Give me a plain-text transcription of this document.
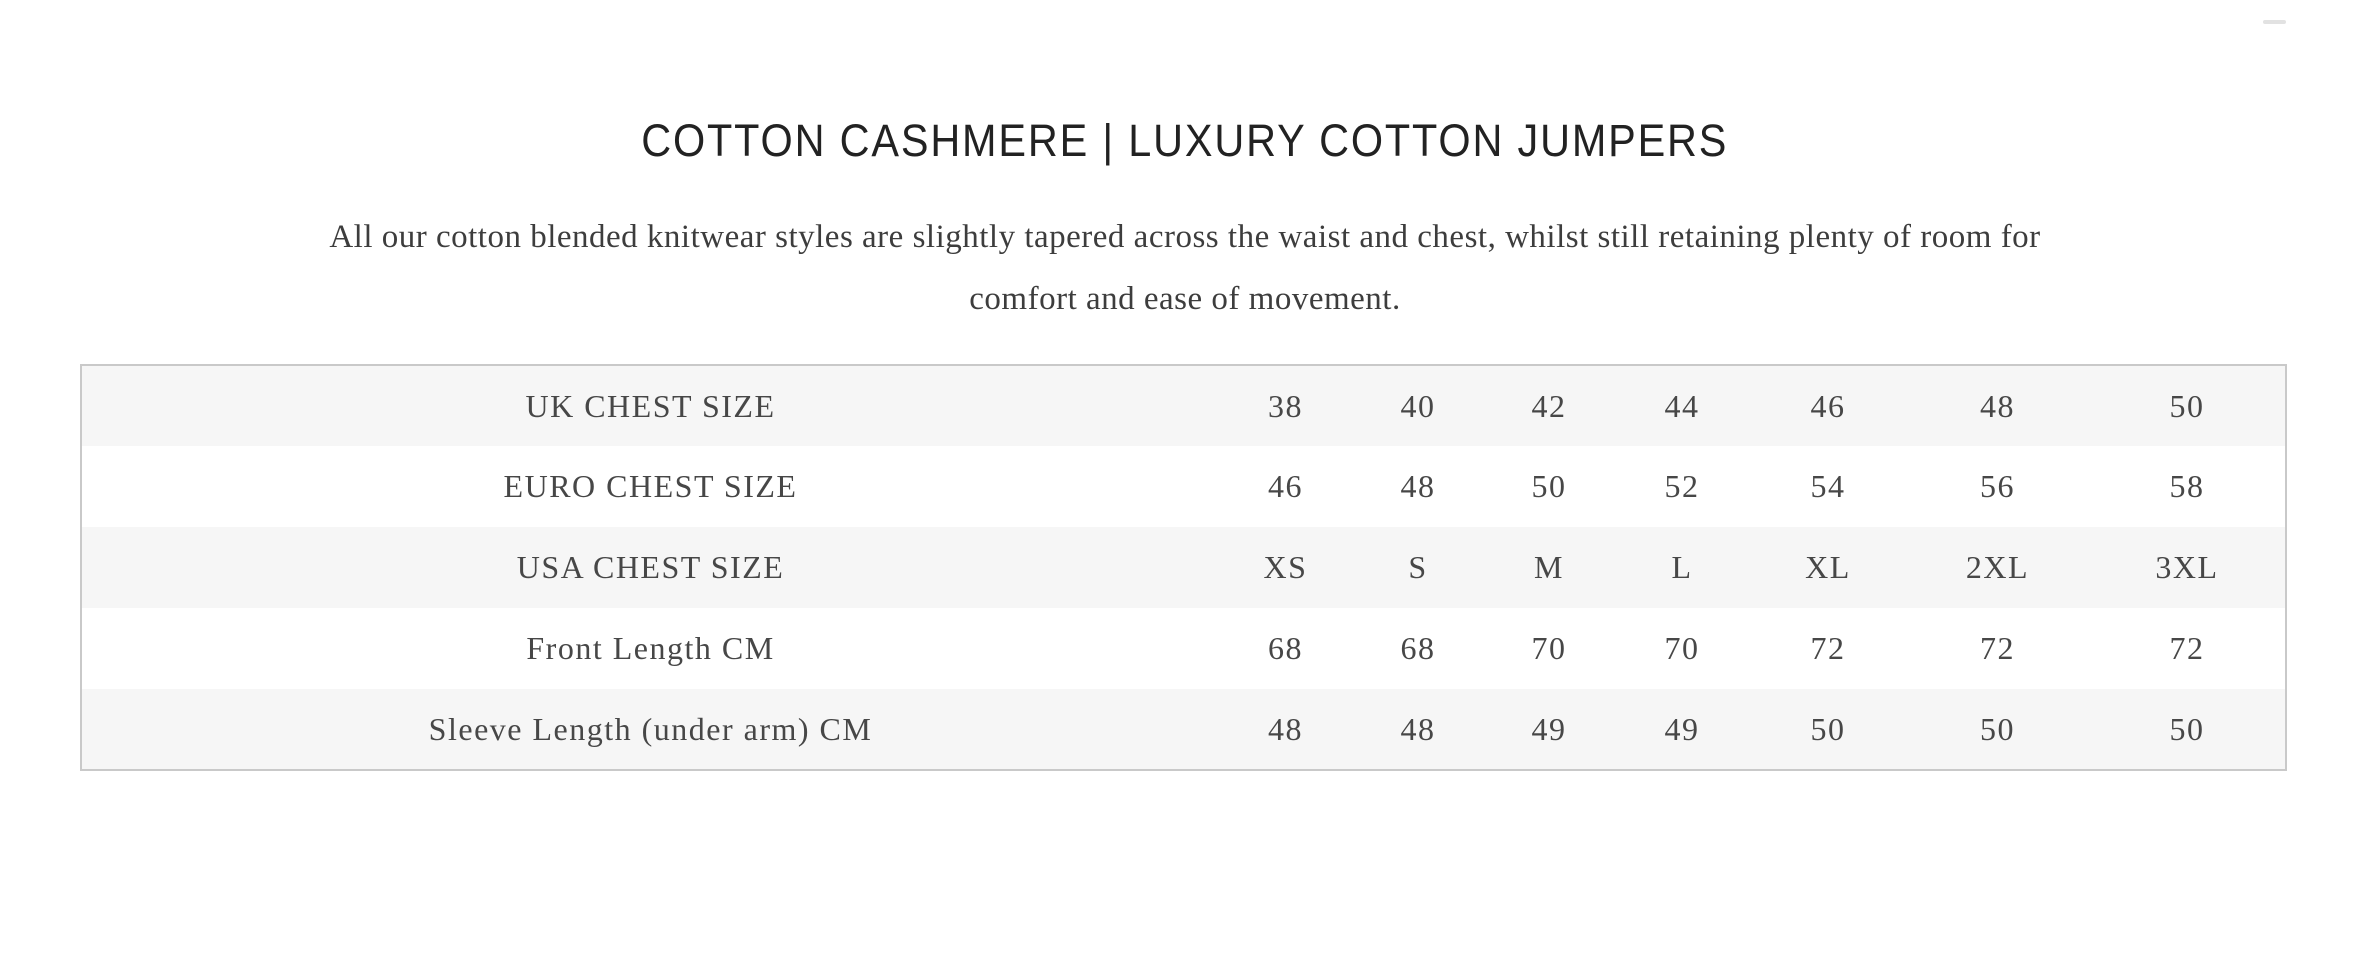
COTTON CASHMERE | LUXURY COTTON JUMPERS
All our cotton blended knitwear styles are slightly tapered across the waist and chest, whilst still retaining plenty of room for
comfort and ease of movement.
UK CHEST SIZE	38	40	42	44	46	48	50
EURO CHEST SIZE	46	48	50	52	54	56	58
USA CHEST SIZE	XS	S	M	L	XL	2XL	3XL
Front Length CM	68	68	70	70	72	72	72
Sleeve Length (under arm) CM	48	48	49	49	50	50	50
